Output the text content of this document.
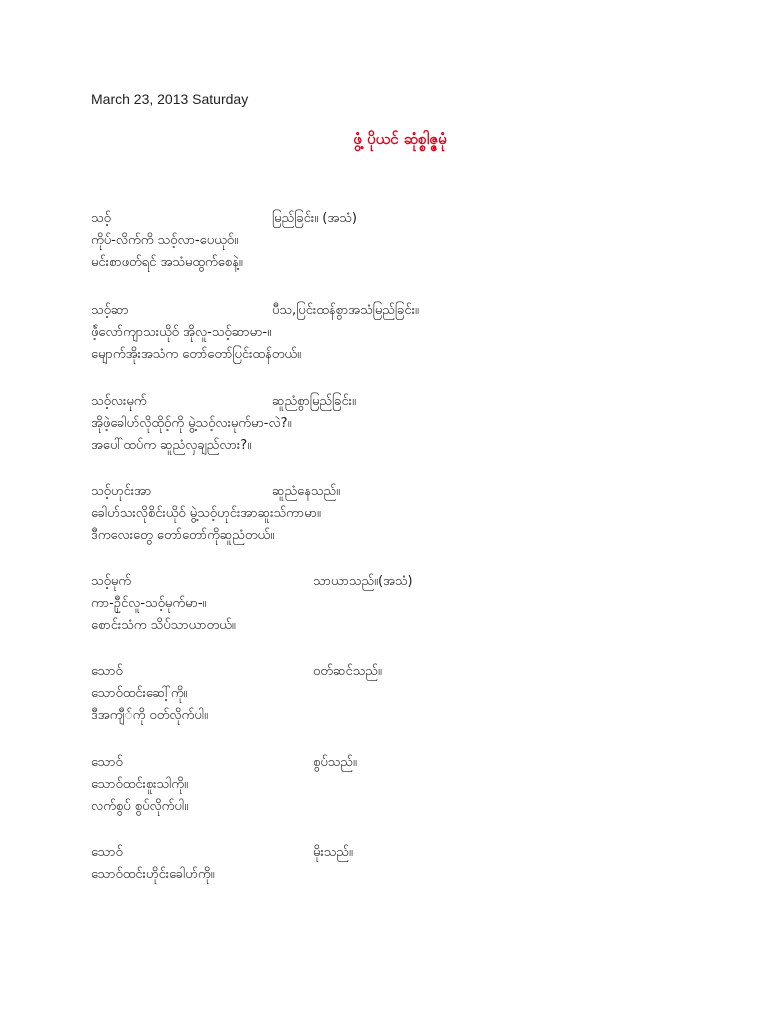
March 23, 2013 Saturday
ဖွံ့ ပိုယင် ဆုံစ္စါဇ္ဇမုံ
သဝ့်	မြည်ခြင်း။ (အသံ)
ကိုပ်-လိက်ကိ သဝ့်လာ-ပေယုဝ်။
မင်းစာဖတ်ရင် အသံမထွက်စေနဲ့။
သဝ့်ဆာ	ပီသ,ပြင်းထန်စွာအသံမြည်ခြင်း။
ဖဲ့်လော်ကျာသးယိုဝ် အိုလူ-သဝ့်ဆာမာ-။
မျောက်အိုးအသံက တော်တော်ပြင်းထန်တယ်။
သဝ့်လးမုက်	ဆူညံစွာမြည်ခြင်း။
အိုဖဲ့ခေါဟ်လိုထိုဝ့်ကို မွဲ့သဝ့်လးမုက်မာ-လဲ?။
အပေါ်ထပ်က ဆူညံလှချည်လား?။
သဝ့်ဟုင်းအာ	ဆူညံနေသည်။
ခေါဟ်သးလိုစိင်းယိုဝ် မွဲ့သဝ့်ဟုင်းအာဆူးသ်ကာမာ။
ဒီကလေးတွေ တော်တော်ကိုဆူညံတယ်။
သဝ့်မုက်	သာယာသည်။(အသံ)
ကာ-ဦှင်လူ-သဝ့်မုက်မာ-။
စောင်းသံက သိပ်သာယာတယ်။
သောဝ်	ဝတ်ဆင်သည်။
သောဝ်ထင်းဆေါ့်ကို။
ဒီအကျီ်ကို ဝတ်လိုက်ပါ။
သောဝ်	စွပ်သည်။
သောဝ်ထင်းစူးသါကို။
လက်စွပ် စွပ်လိုက်ပါ။
သောဝ်	မိုးသည်။
သောဝ်ထင်းဟိုင်းခေါဟ်ကို။
